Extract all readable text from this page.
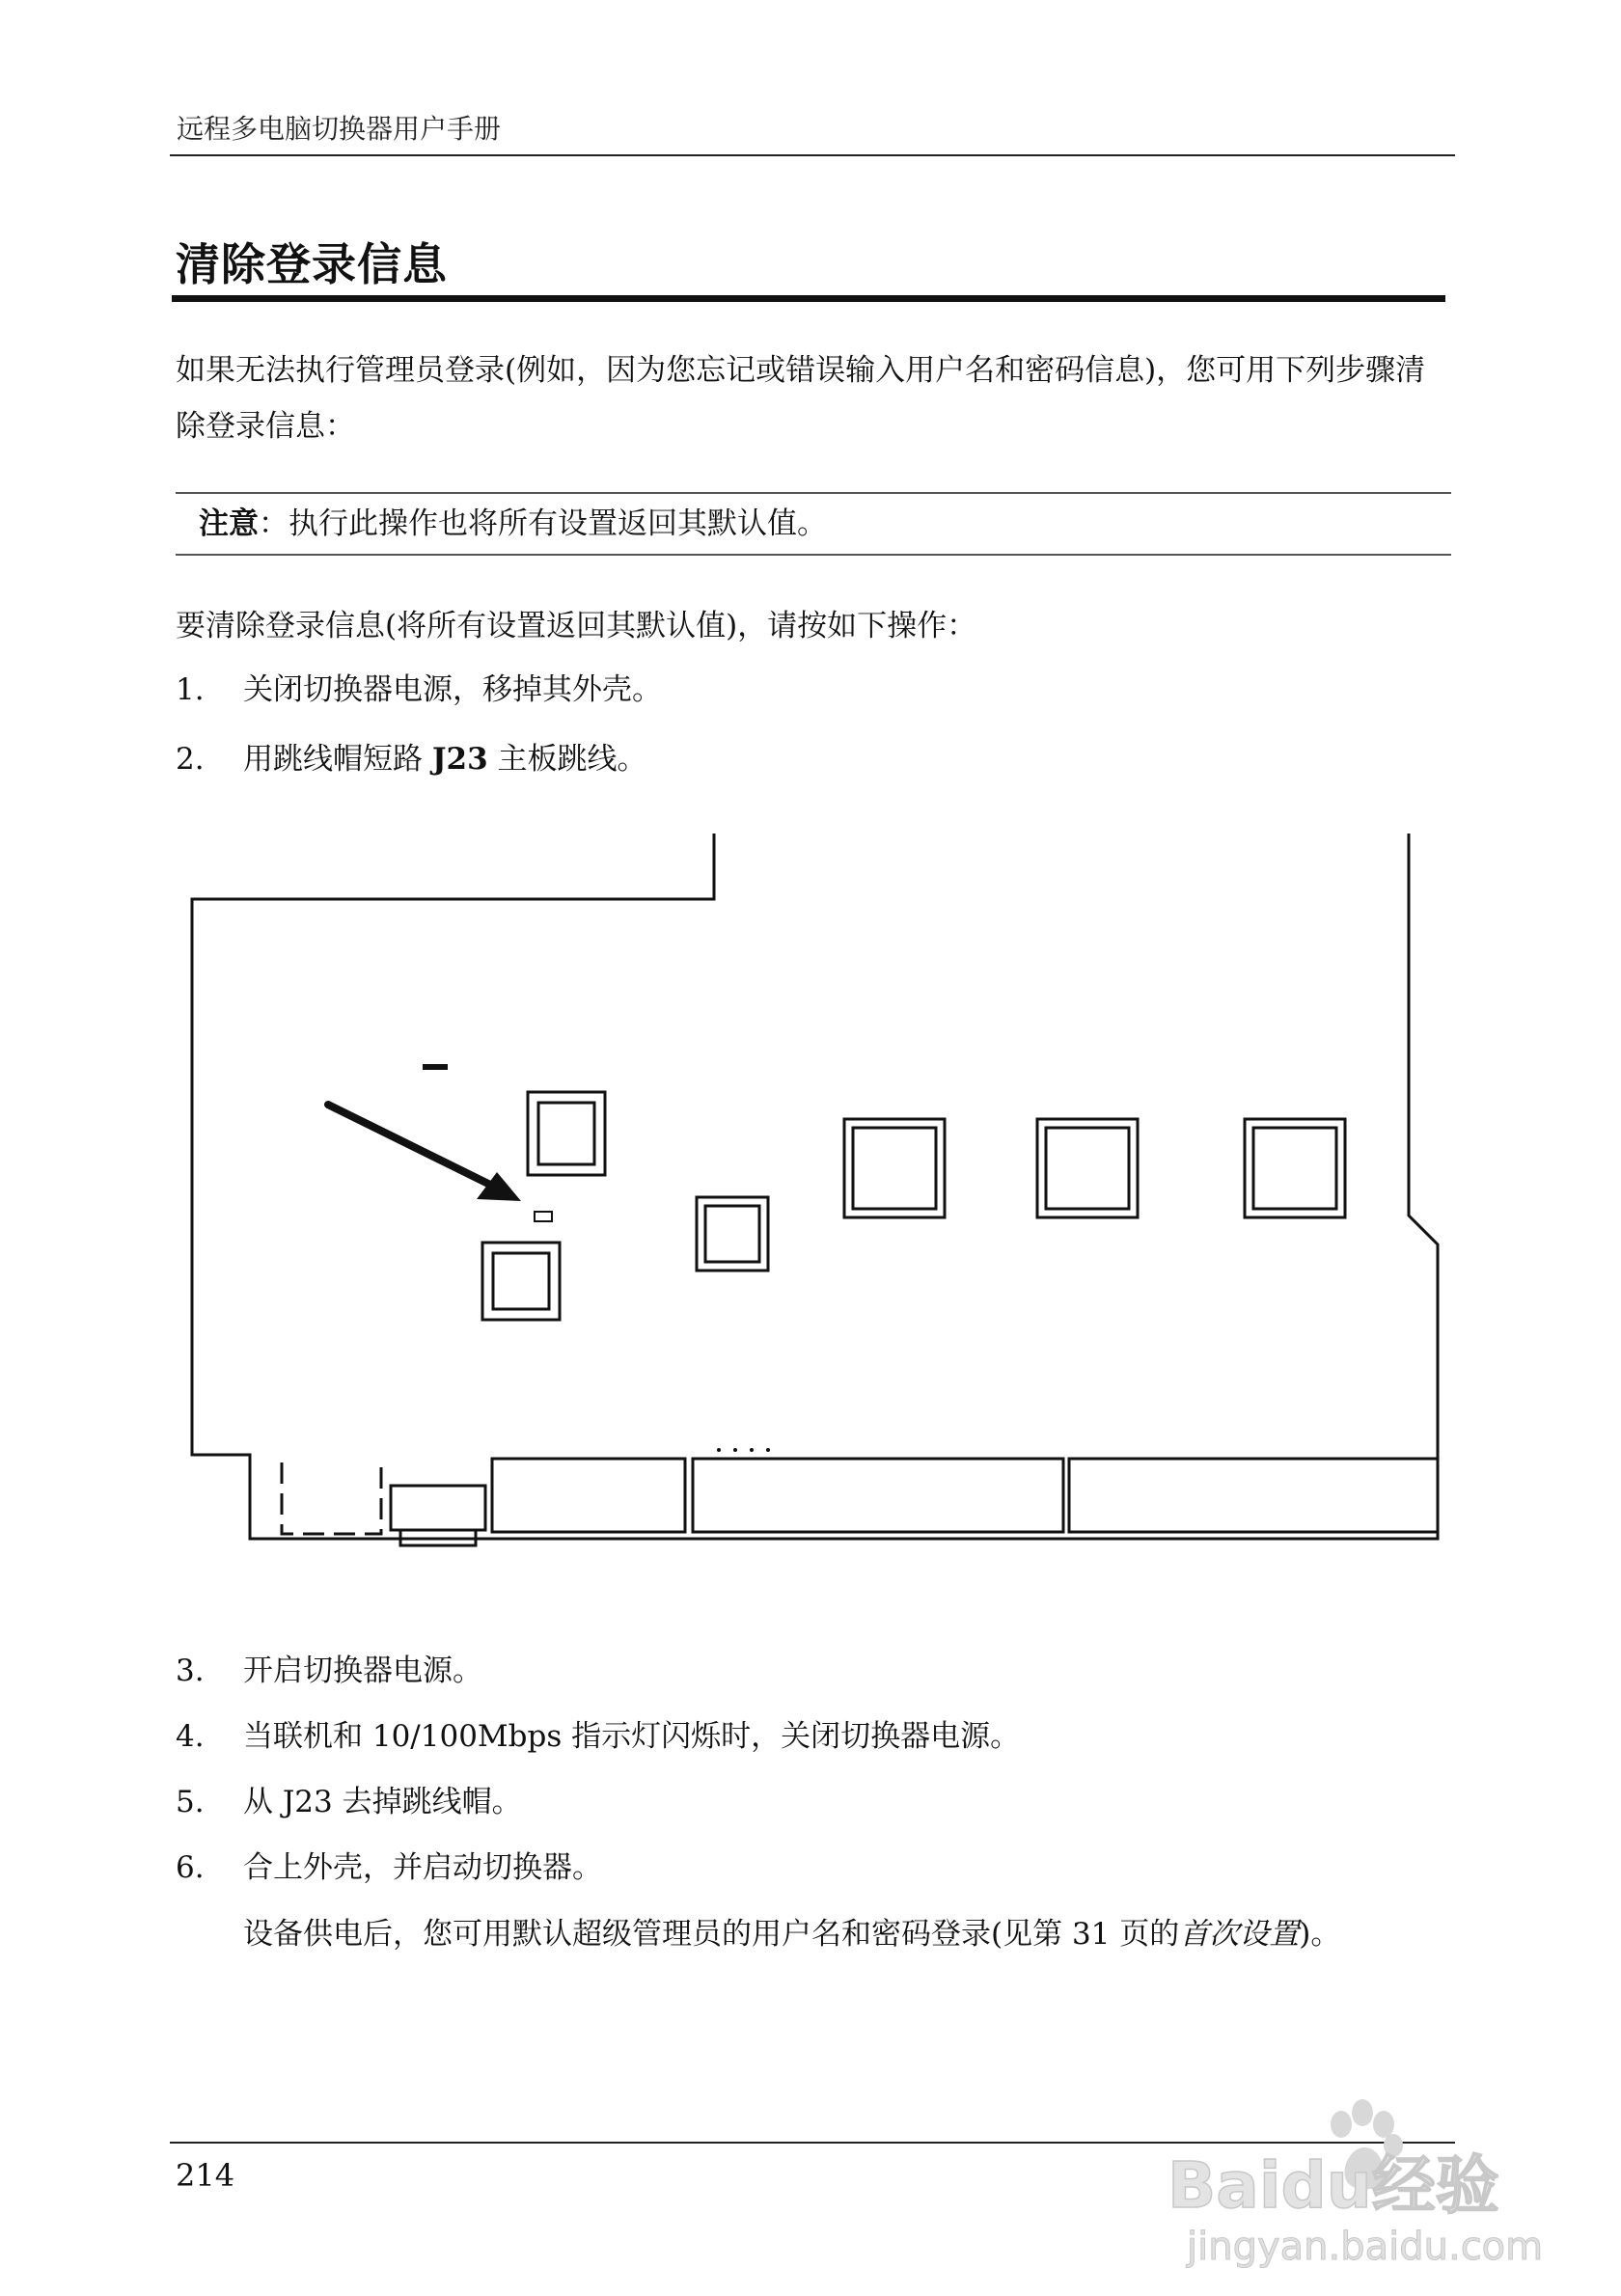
远程多电脑切换器用户手册
清除登录信息
如果无法执行管理员登录(例如，因为您忘记或错误输入用户名和密码信息)，您可用下列步骤清除登录信息：
注意：执行此操作也将所有设置返回其默认值。
要清除登录信息(将所有设置返回其默认值)，请按如下操作：
1. 关闭切换器电源，移掉其外壳。
2. 用跳线帽短路 J23 主板跳线。
3. 开启切换器电源。
4. 当联机和 10/100Mbps 指示灯闪烁时，关闭切换器电源。
5. 从 J23 去掉跳线帽。
6. 合上外壳，并启动切换器。
设备供电后，您可用默认超级管理员的用户名和密码登录(见第 31 页的首次设置)。
214	Baidu经验
jingyan.baidu.com
